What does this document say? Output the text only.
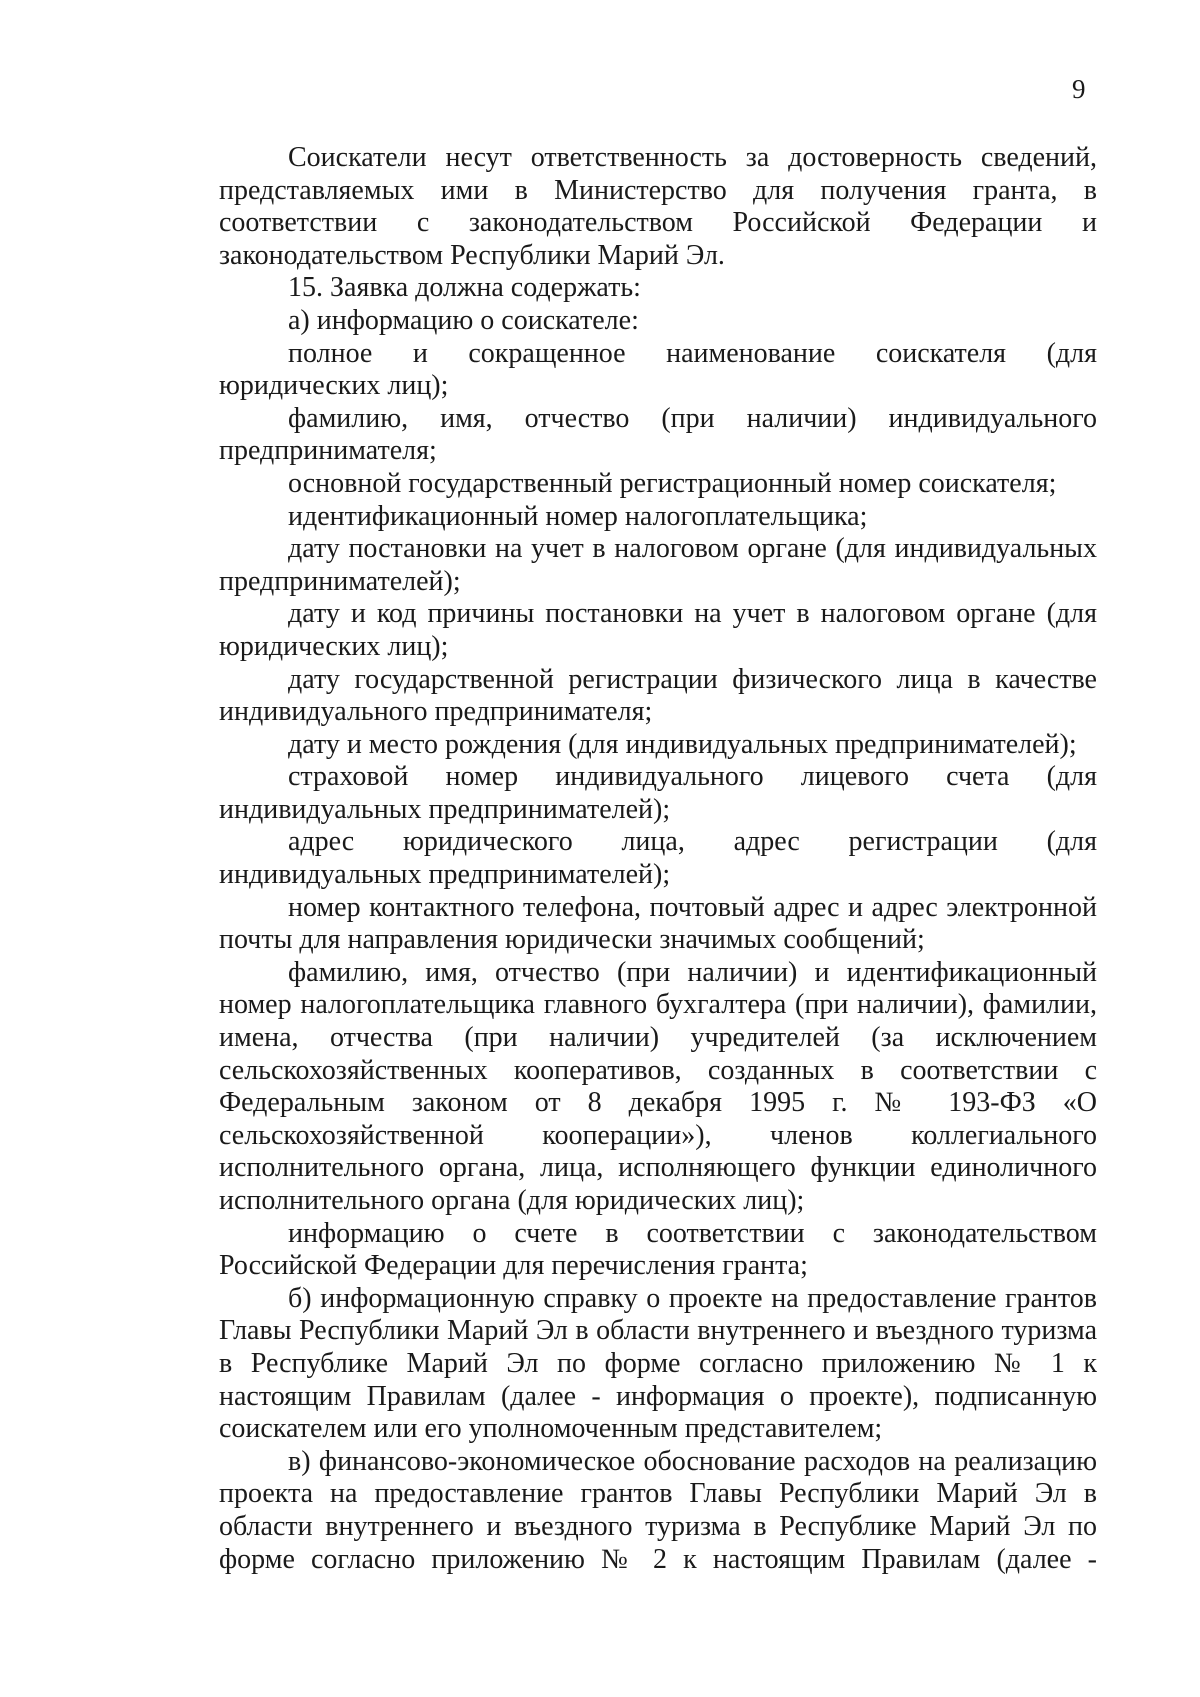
9

Соискатели несут ответственность за достоверность сведений, представляемых ими в Министерство для получения гранта, в соответствии с законодательством Российской Федерации и законодательством Республики Марий Эл.

15. Заявка должна содержать:

а) информацию о соискателе:

полное и сокращенное наименование соискателя (для юридических лиц);

фамилию, имя, отчество (при наличии) индивидуального предпринимателя;

основной государственный регистрационный номер соискателя;

идентификационный номер налогоплательщика;

дату постановки на учет в налоговом органе (для индивидуальных предпринимателей);

дату и код причины постановки на учет в налоговом органе (для юридических лиц);

дату государственной регистрации физического лица в качестве индивидуального предпринимателя;

дату и место рождения (для индивидуальных предпринимателей);

страховой номер индивидуального лицевого счета (для индивидуальных предпринимателей);

адрес юридического лица, адрес регистрации (для индивидуальных предпринимателей);

номер контактного телефона, почтовый адрес и адрес электронной почты для направления юридически значимых сообщений;

фамилию, имя, отчество (при наличии) и идентификационный номер налогоплательщика главного бухгалтера (при наличии), фамилии, имена, отчества (при наличии) учредителей (за исключением сельскохозяйственных кооперативов, созданных в соответствии с Федеральным законом от 8 декабря 1995 г. № 193-ФЗ «О сельскохозяйственной кооперации»), членов коллегиального исполнительного органа, лица, исполняющего функции единоличного исполнительного органа (для юридических лиц);

информацию о счете в соответствии с законодательством Российской Федерации для перечисления гранта;

б) информационную справку о проекте на предоставление грантов Главы Республики Марий Эл в области внутреннего и въездного туризма в Республике Марий Эл по форме согласно приложению № 1 к настоящим Правилам (далее - информация о проекте), подписанную соискателем или его уполномоченным представителем;

в) финансово-экономическое обоснование расходов на реализацию проекта на предоставление грантов Главы Республики Марий Эл в области внутреннего и въездного туризма в Республике Марий Эл по форме согласно приложению № 2 к настоящим Правилам (далее -
